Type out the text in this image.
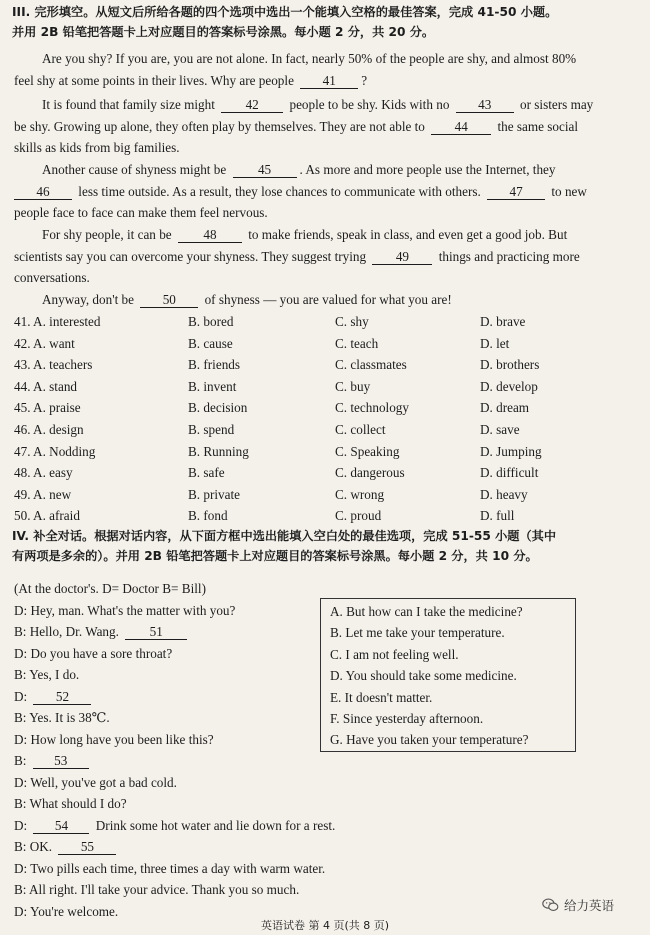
III. 完形填空。从短文后所给各题的四个选项中选出一个能填入空格的最佳答案，完成 41-50 小题。
并用 2B 铅笔把答题卡上对应题目的答案标号涂黑。每小题 2 分，共 20 分。
Are you shy? If you are, you are not alone. In fact, nearly 50% of the people are shy, and almost 80%
feel shy at some points in their lives. Why are people 41 ?
It is found that family size might 42 people to be shy. Kids with no 43 or sisters may
be shy. Growing up alone, they often play by themselves. They are not able to 44 the same social
skills as kids from big families.
Another cause of shyness might be 45 . As more and more people use the Internet, they
46 less time outside. As a result, they lose chances to communicate with others. 47 to new
people face to face can make them feel nervous.
For shy people, it can be 48 to make friends, speak in class, and even get a good job. But
scientists say you can overcome your shyness. They suggest trying 49 things and practicing more
conversations.
Anyway, don't be 50 of shyness — you are valued for what you are!
41. A. interested	B. bored	C. shy	D. brave
42. A. want	B. cause	C. teach	D. let
43. A. teachers	B. friends	C. classmates	D. brothers
44. A. stand	B. invent	C. buy	D. develop
45. A. praise	B. decision	C. technology	D. dream
46. A. design	B. spend	C. collect	D. save
47. A. Nodding	B. Running	C. Speaking	D. Jumping
48. A. easy	B. safe	C. dangerous	D. difficult
49. A. new	B. private	C. wrong	D. heavy
50. A. afraid	B. fond	C. proud	D. full
IV. 补全对话。根据对话内容，从下面方框中选出能填入空白处的最佳选项，完成 51-55 小题（其中
有两项是多余的）。并用 2B 铅笔把答题卡上对应题目的答案标号涂黑。每小题 2 分，共 10 分。
(At the doctor's. D= Doctor B= Bill)
D: Hey, man. What's the matter with you?
B: Hello, Dr. Wang. 51
D: Do you have a sore throat?
B: Yes, I do.
D: 52
B: Yes. It is 38℃.
D: How long have you been like this?
B: 53
D: Well, you've got a bad cold.
B: What should I do?
D: 54 Drink some hot water and lie down for a rest.
B: OK. 55
D: Two pills each time, three times a day with warm water.
B: All right. I'll take your advice. Thank you so much.
D: You're welcome.
A. But how can I take the medicine?
B. Let me take your temperature.
C. I am not feeling well.
D. You should take some medicine.
E. It doesn't matter.
F. Since yesterday afternoon.
G. Have you taken your temperature?
给力英语
英语试卷 第 4 页(共 8 页)
